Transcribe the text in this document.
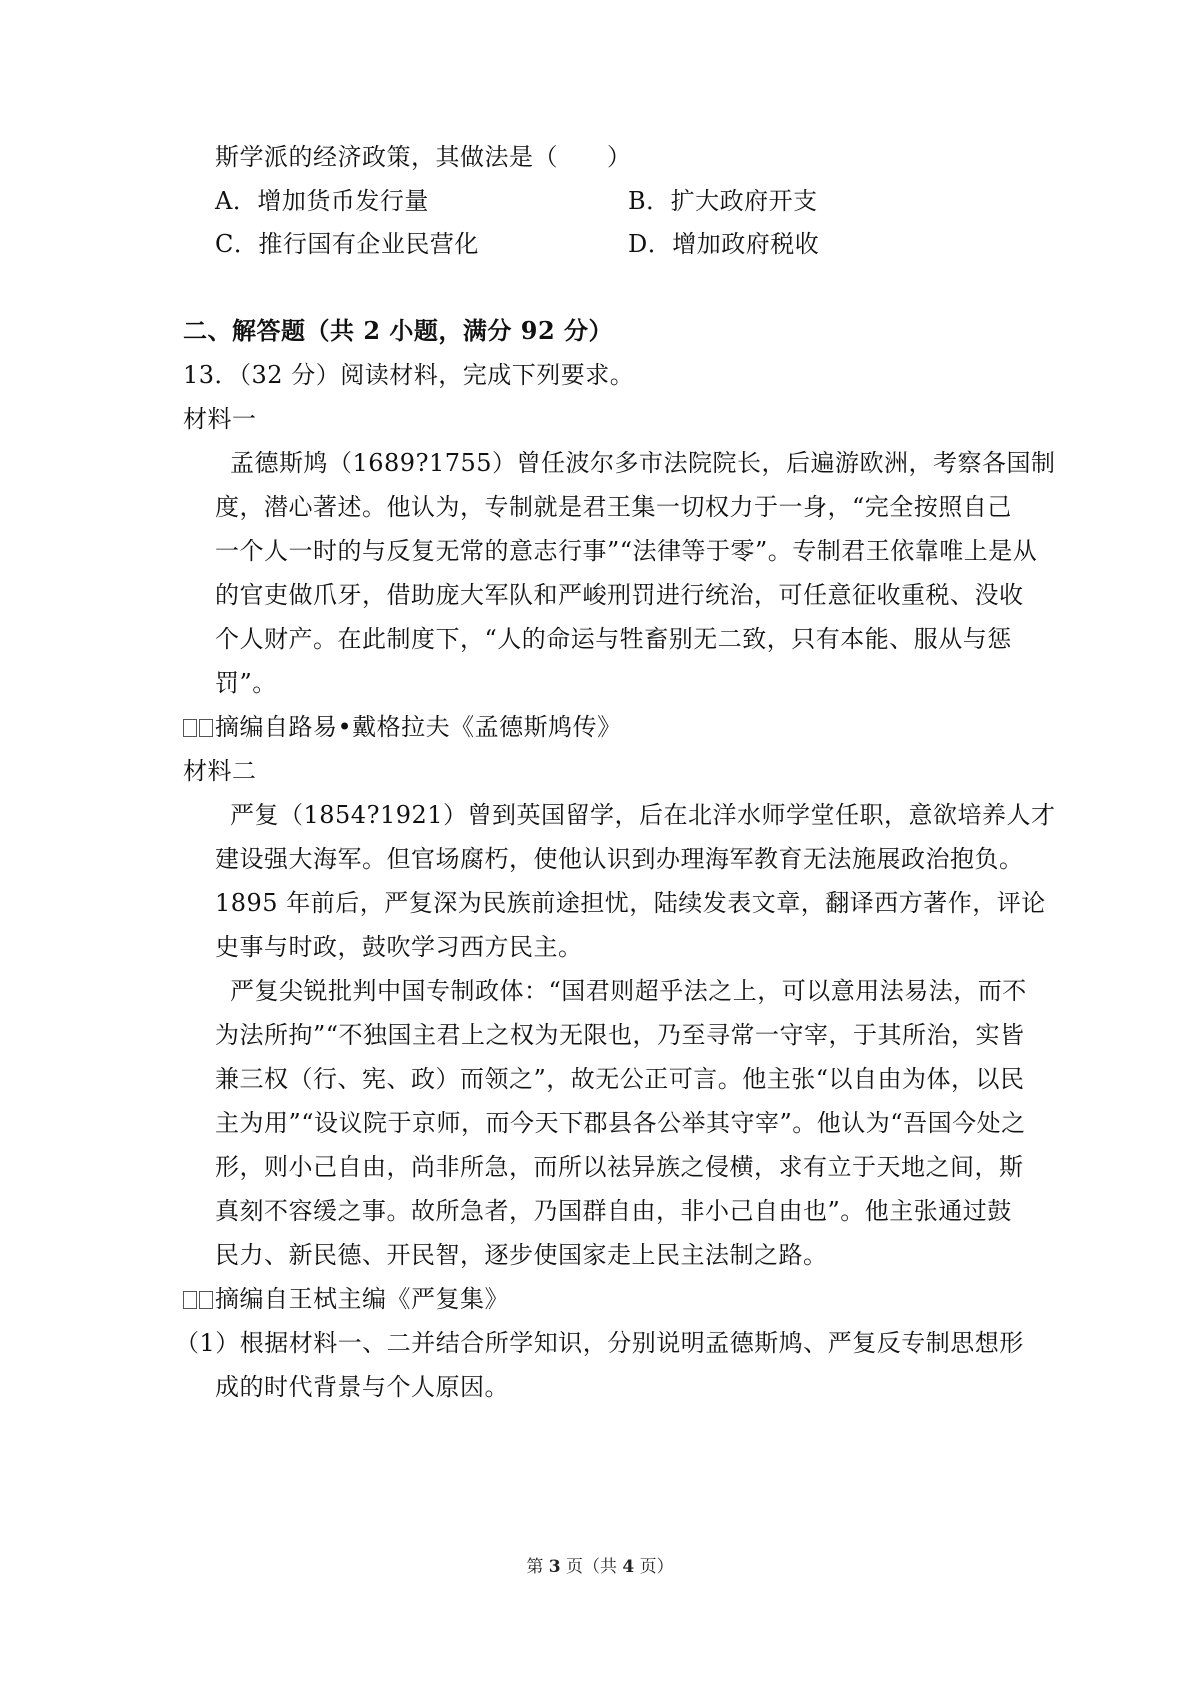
斯学派的经济政策，其做法是（　　）
A．增加货币发行量	B．扩大政府开支
C．推行国有企业民营化	D．增加政府税收
二、解答题（共 2 小题，满分 92 分）
13．（32 分）阅读材料，完成下列要求。
材料一
孟德斯鸠（1689?1755）曾任波尔多市法院院长，后遍游欧洲，考察各国制
度，潜心著述。他认为，专制就是君王集一切权力于一身，“完全按照自己
一个人一时的与反复无常的意志行事”“法律等于零”。专制君王依靠唯上是从
的官吏做爪牙，借助庞大军队和严峻刑罚进行统治，可任意征收重税、没收
个人财产。在此制度下，“人的命运与牲畜别无二致，只有本能、服从与惩
罚”。
摘编自路易•戴格拉夫《孟德斯鸠传》
材料二
严复（1854?1921）曾到英国留学，后在北洋水师学堂任职，意欲培养人才
建设强大海军。但官场腐朽，使他认识到办理海军教育无法施展政治抱负。
1895 年前后，严复深为民族前途担忧，陆续发表文章，翻译西方著作，评论
史事与时政，鼓吹学习西方民主。
严复尖锐批判中国专制政体：“国君则超乎法之上，可以意用法易法，而不
为法所拘”“不独国主君上之权为无限也，乃至寻常一守宰，于其所治，实皆
兼三权（行、宪、政）而领之”，故无公正可言。他主张“以自由为体，以民
主为用”“设议院于京师，而今天下郡县各公举其守宰”。他认为“吾国今处之
形，则小己自由，尚非所急，而所以祛异族之侵横，求有立于天地之间，斯
真刻不容缓之事。故所急者，乃国群自由，非小己自由也”。他主张通过鼓
民力、新民德、开民智，逐步使国家走上民主法制之路。
摘编自王栻主编《严复集》
（1）根据材料一、二并结合所学知识，分别说明孟德斯鸠、严复反专制思想形
成的时代背景与个人原因。
第 3 页（共 4 页）
